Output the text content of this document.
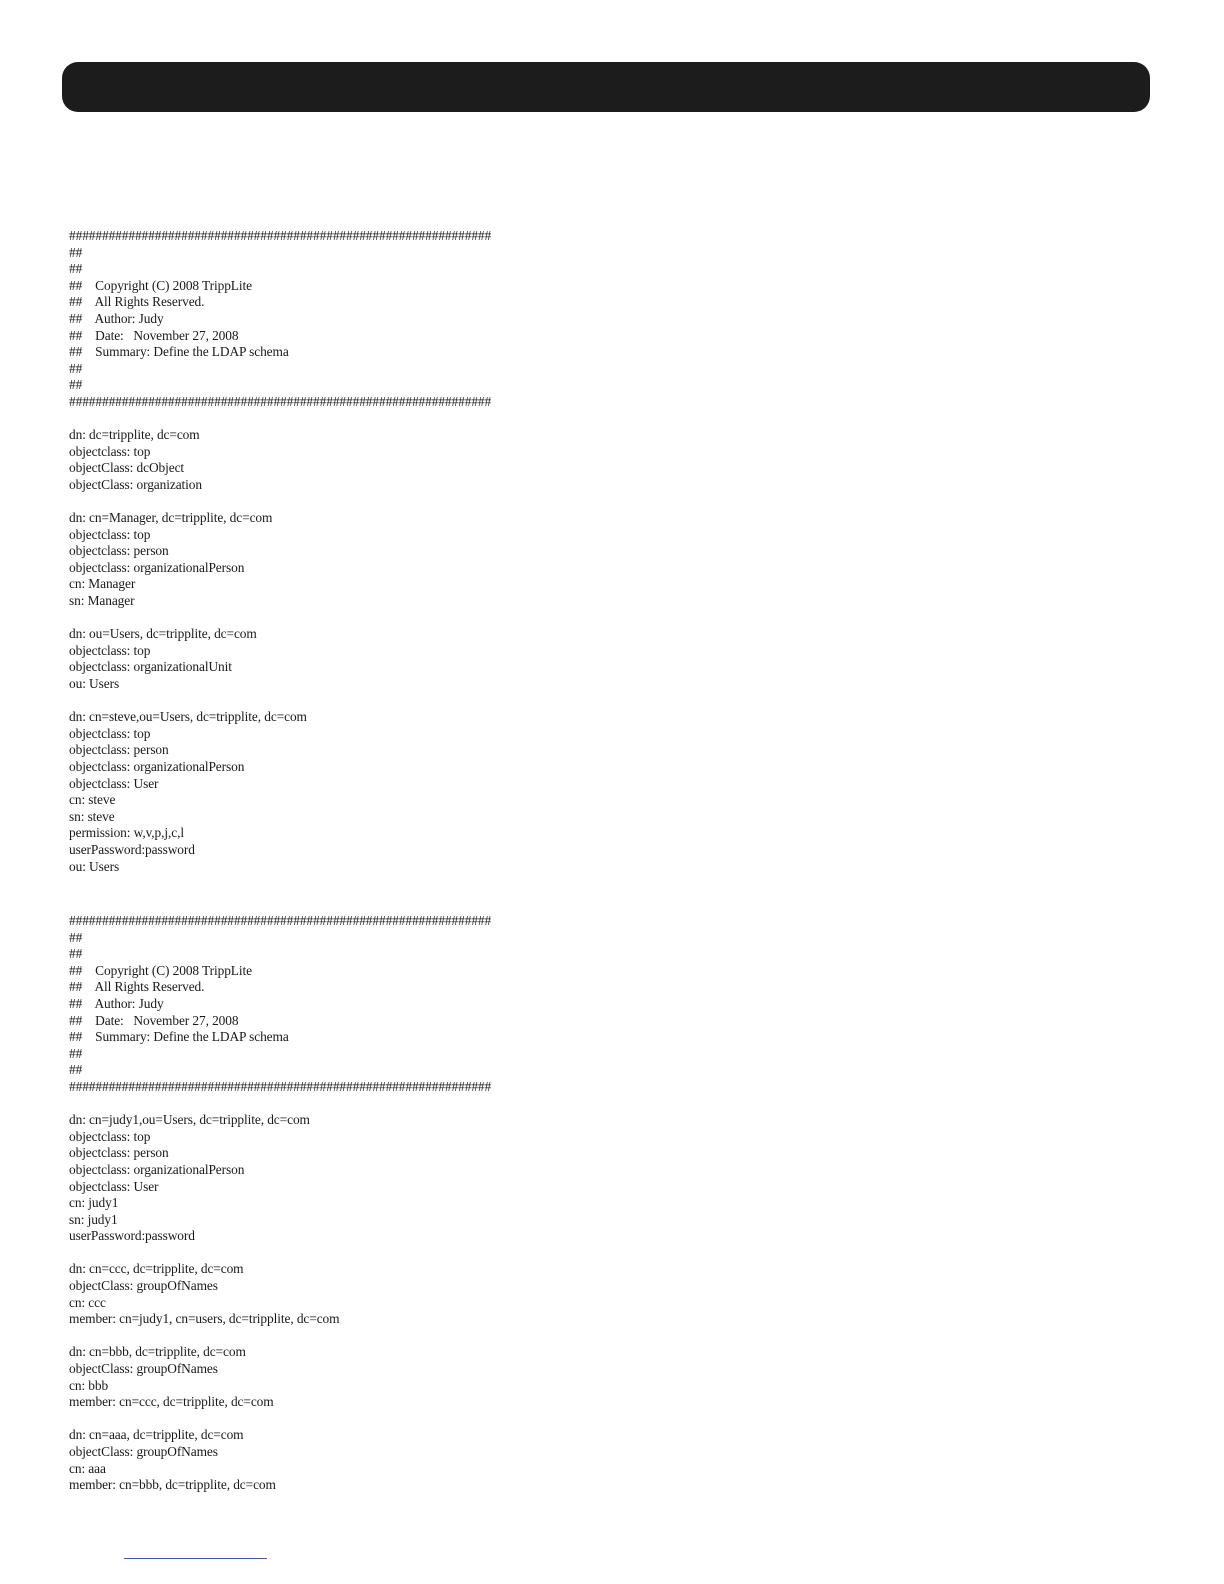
################################################################
##
##
##    Copyright (C) 2008 TrippLite
##    All Rights Reserved.
##    Author: Judy
##    Date:   November 27, 2008
##    Summary: Define the LDAP schema
##
##
################################################################
dn: dc=tripplite, dc=com
objectclass: top
objectClass: dcObject
objectClass: organization
dn: cn=Manager, dc=tripplite, dc=com
objectclass: top
objectclass: person
objectclass: organizationalPerson
cn: Manager
sn: Manager
dn: ou=Users, dc=tripplite, dc=com
objectclass: top
objectclass: organizationalUnit
ou: Users
dn: cn=steve,ou=Users, dc=tripplite, dc=com
objectclass: top
objectclass: person
objectclass: organizationalPerson
objectclass: User
cn: steve
sn: steve
permission: w,v,p,j,c,l
userPassword:password
ou: Users
################################################################
##
##
##    Copyright (C) 2008 TrippLite
##    All Rights Reserved.
##    Author: Judy
##    Date:   November 27, 2008
##    Summary: Define the LDAP schema
##
##
################################################################
dn: cn=judy1,ou=Users, dc=tripplite, dc=com
objectclass: top
objectclass: person
objectclass: organizationalPerson
objectclass: User
cn: judy1
sn: judy1
userPassword:password
dn: cn=ccc, dc=tripplite, dc=com
objectClass: groupOfNames
cn: ccc
member: cn=judy1, cn=users, dc=tripplite, dc=com
dn: cn=bbb, dc=tripplite, dc=com
objectClass: groupOfNames
cn: bbb
member: cn=ccc, dc=tripplite, dc=com
dn: cn=aaa, dc=tripplite, dc=com
objectClass: groupOfNames
cn: aaa
member: cn=bbb, dc=tripplite, dc=com
